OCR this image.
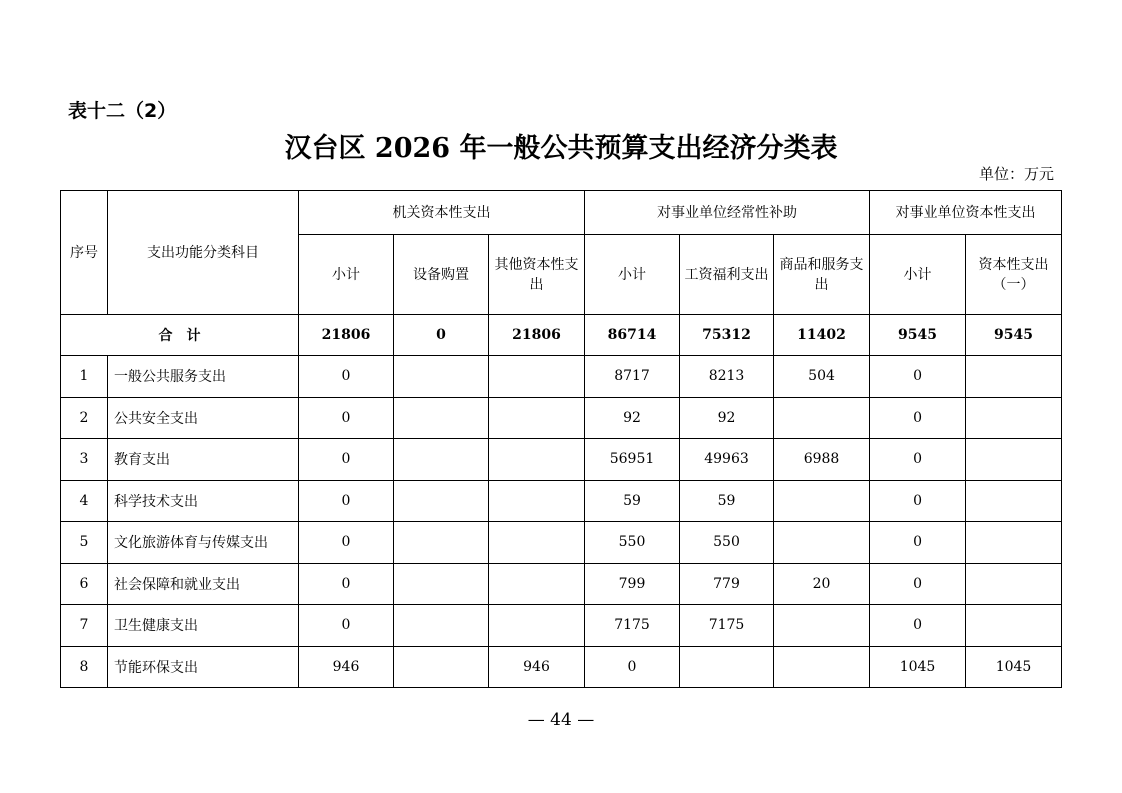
表十二（2）
汉台区 2026 年一般公共预算支出经济分类表
单位：万元
序号	支出功能分类科目	机关资本性支出			对事业单位经常性补助			对事业单位资本性支出	
		小计	设备购置	其他资本性支出	小计	工资福利支出	商品和服务支出	小计	资本性支出（一）
合　计		21806	0	21806	86714	75312	11402	9545	9545
1	一般公共服务支出	0			8717	8213	504	0	
2	公共安全支出	0			92	92		0	
3	教育支出	0			56951	49963	6988	0	
4	科学技术支出	0			59	59		0	
5	文化旅游体育与传媒支出	0			550	550		0	
6	社会保障和就业支出	0			799	779	20	0	
7	卫生健康支出	0			7175	7175		0	
8	节能环保支出	946		946	0			1045	1045
— 44 —
